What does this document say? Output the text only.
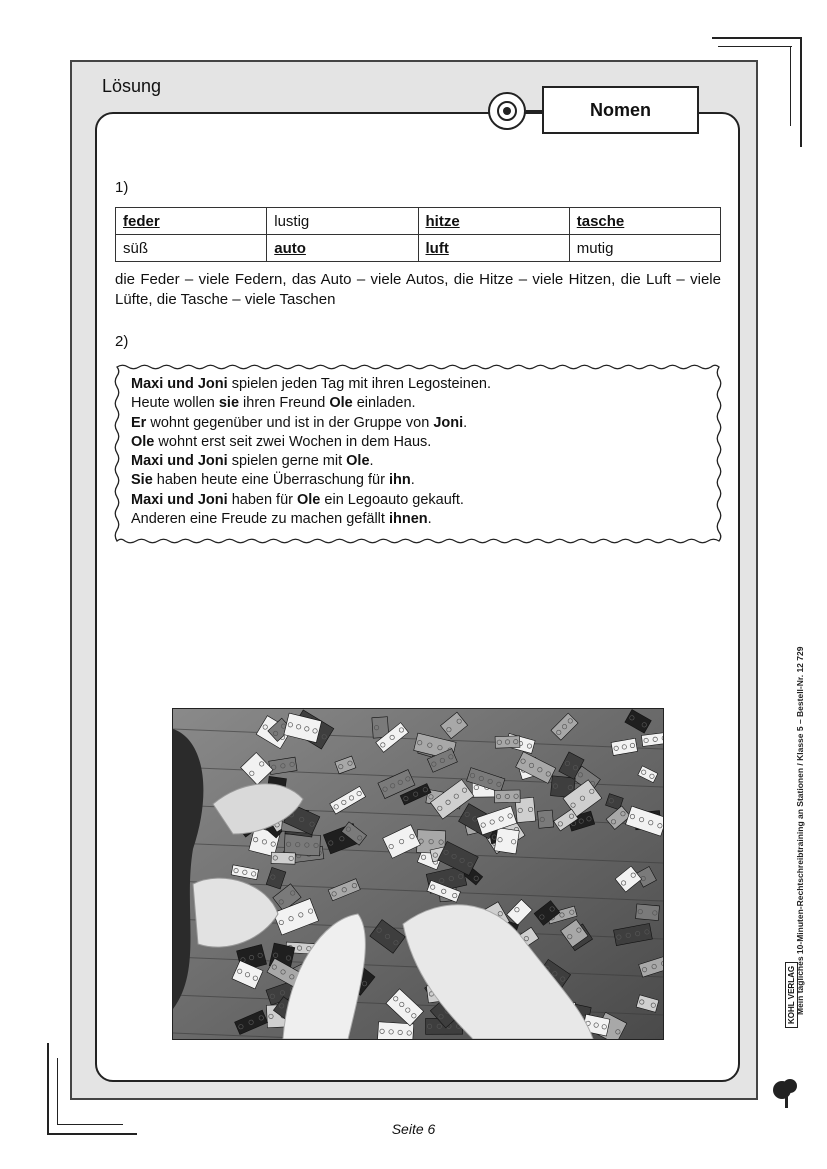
Lösung
Nomen
1)
feder	lustig	hitze	tasche
süß	auto	luft	mutig
die Feder – viele Federn, das Auto – viele Autos, die Hitze – viele Hitzen, die Luft – viele Lüfte, die Tasche – viele Taschen
2)
Maxi und Joni spielen jeden Tag mit ihren Legosteinen.
Heute wollen sie ihren Freund Ole einladen.
Er wohnt gegenüber und ist in der Gruppe von Joni.
Ole wohnt erst seit zwei Wochen in dem Haus.
Maxi und Joni spielen gerne mit Ole.
Sie haben heute eine Überraschung für ihn.
Maxi und Joni haben für Ole ein Legoauto gekauft.
Anderen eine Freude zu machen gefällt ihnen.
Mein tägliches 10-Minuten-Rechtschreibtraining an Stationen / Klasse 5 – Bestell-Nr. 12 729
KOHL VERLAG
Seite 6
